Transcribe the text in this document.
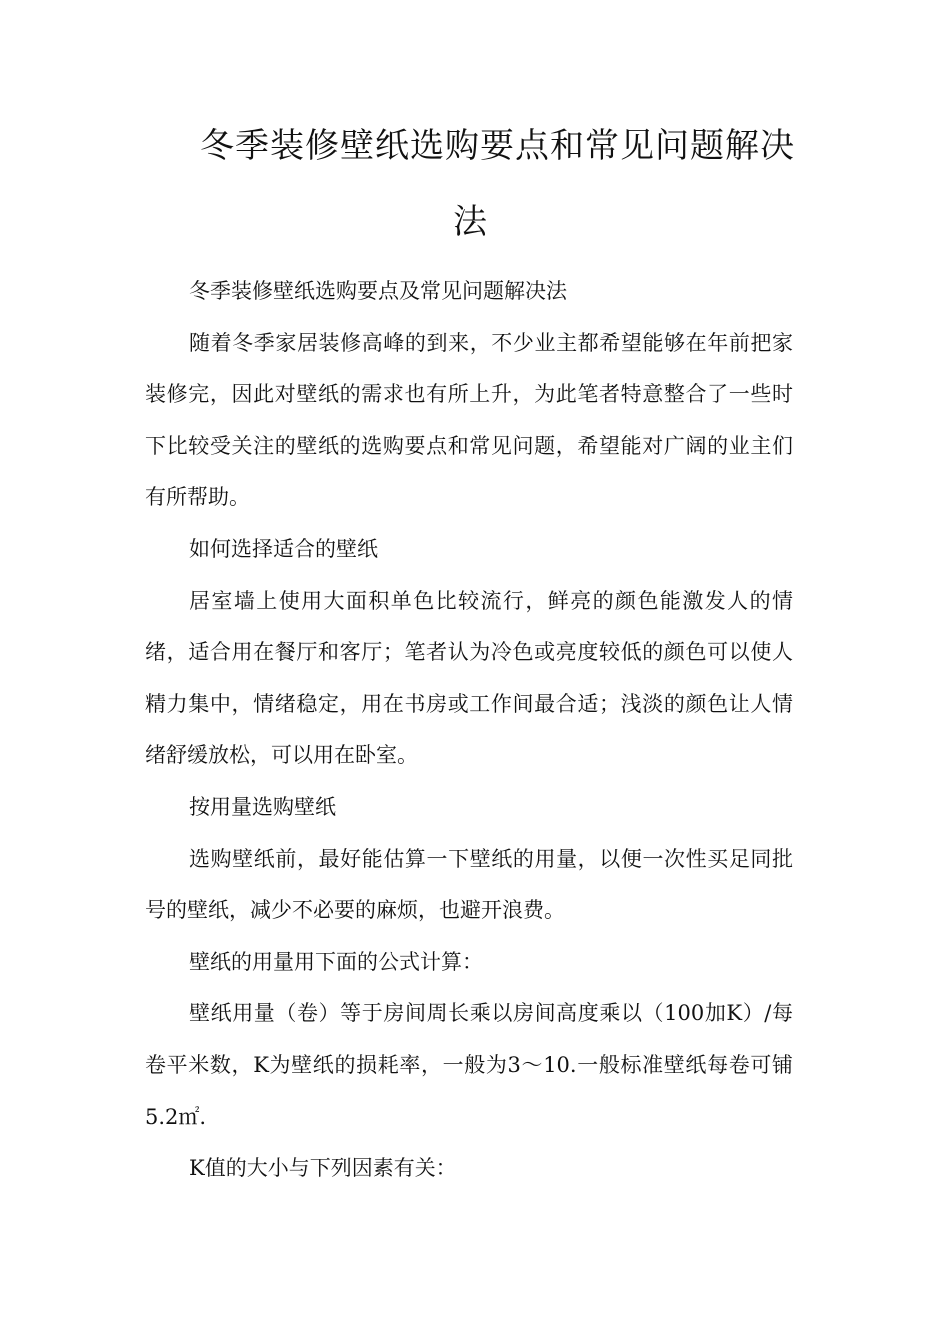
冬季装修壁纸选购要点和常见问题解决
法

冬季装修壁纸选购要点及常见问题解决法

随着冬季家居装修高峰的到来，不少业主都希望能够在年前把家装修完，因此对壁纸的需求也有所上升，为此笔者特意整合了一些时下比较受关注的壁纸的选购要点和常见问题，希望能对广阔的业主们有所帮助。

如何选择适合的壁纸

居室墙上使用大面积单色比较流行，鲜亮的颜色能激发人的情绪，适合用在餐厅和客厅；笔者认为冷色或亮度较低的颜色可以使人精力集中，情绪稳定，用在书房或工作间最合适；浅淡的颜色让人情绪舒缓放松，可以用在卧室。

按用量选购壁纸

选购壁纸前，最好能估算一下壁纸的用量，以便一次性买足同批号的壁纸，减少不必要的麻烦，也避开浪费。

壁纸的用量用下面的公式计算：

壁纸用量（卷）等于房间周长乘以房间高度乘以（100加K）/每卷平米数，K为壁纸的损耗率，一般为3～10.一般标准壁纸每卷可铺5.2㎡.

K值的大小与下列因素有关：
